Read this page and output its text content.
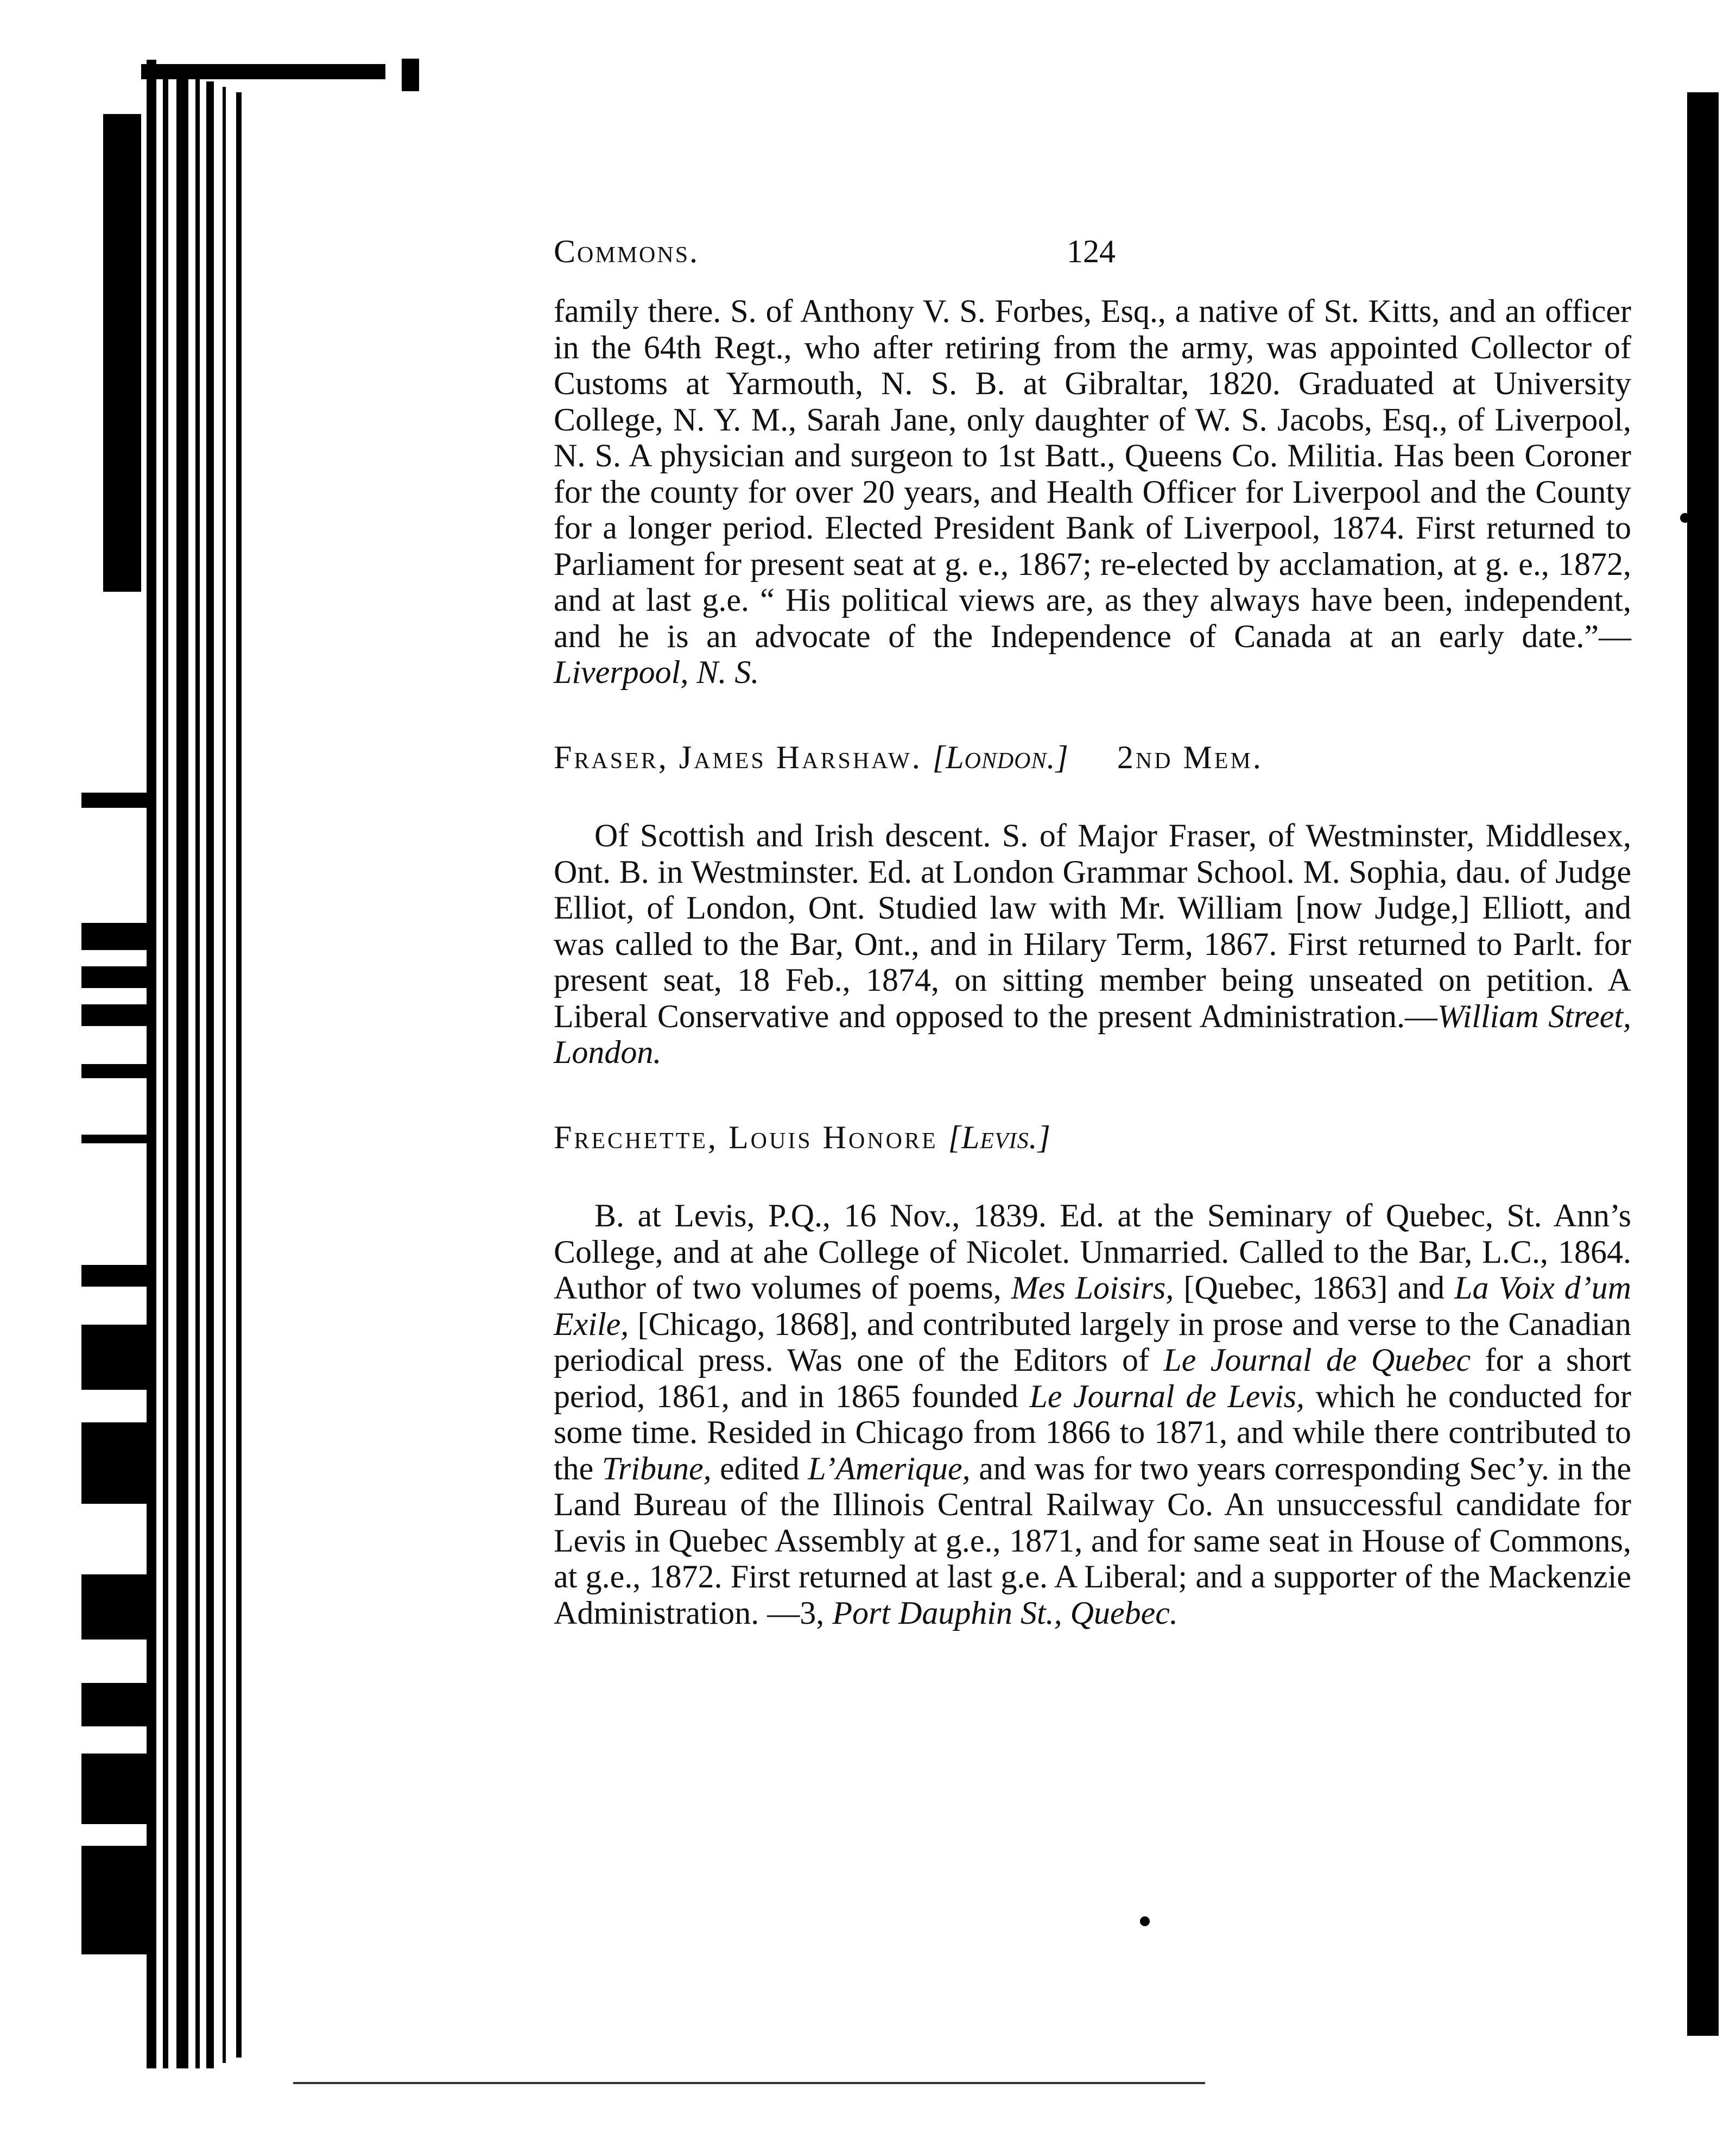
Commons.	124

family there. S. of Anthony V. S. Forbes, Esq., a native of St. Kitts, and an officer in the 64th Regt., who after retiring from the army, was appointed Collector of Customs at Yarmouth, N. S. B. at Gibraltar, 1820. Graduated at University College, N. Y. M., Sarah Jane, only daughter of W. S. Jacobs, Esq., of Liverpool, N. S. A physician and surgeon to 1st Batt., Queens Co. Militia. Has been Coroner for the county for over 20 years, and Health Officer for Liverpool and the County for a longer period. Elected President Bank of Liverpool, 1874. First returned to Parliament for present seat at g. e., 1867; re-elected by acclamation, at g. e., 1872, and at last g.e. “ His political views are, as they always have been, independent, and he is an advocate of the Independence of Canada at an early date.”—Liverpool, N. S.

Fraser, James Harshaw. [London.] 2nd Mem.

Of Scottish and Irish descent. S. of Major Fraser, of Westminster, Middlesex, Ont. B. in Westminster. Ed. at London Grammar School. M. Sophia, dau. of Judge Elliot, of London, Ont. Studied law with Mr. William [now Judge,] Elliott, and was called to the Bar, Ont., and in Hilary Term, 1867. First returned to Parlt. for present seat, 18 Feb., 1874, on sitting member being unseated on petition. A Liberal Conservative and opposed to the present Administration.—William Street, London.

Frechette, Louis Honore [Levis.]

B. at Levis, P.Q., 16 Nov., 1839. Ed. at the Seminary of Quebec, St. Ann’s College, and at ahe College of Nicolet. Unmarried. Called to the Bar, L.C., 1864. Author of two volumes of poems, Mes Loisirs, [Quebec, 1863] and La Voix d’um Exile, [Chicago, 1868], and contributed largely in prose and verse to the Canadian periodical press. Was one of the Editors of Le Journal de Quebec for a short period, 1861, and in 1865 founded Le Journal de Levis, which he conducted for some time. Resided in Chicago from 1866 to 1871, and while there contributed to the Tribune, edited L’Amerique, and was for two years corresponding Sec’y. in the Land Bureau of the Illinois Central Railway Co. An unsuccessful candidate for Levis in Quebec Assembly at g.e., 1871, and for same seat in House of Commons, at g.e., 1872. First returned at last g.e. A Liberal; and a supporter of the Mackenzie Administration. —3, Port Dauphin St., Quebec.
